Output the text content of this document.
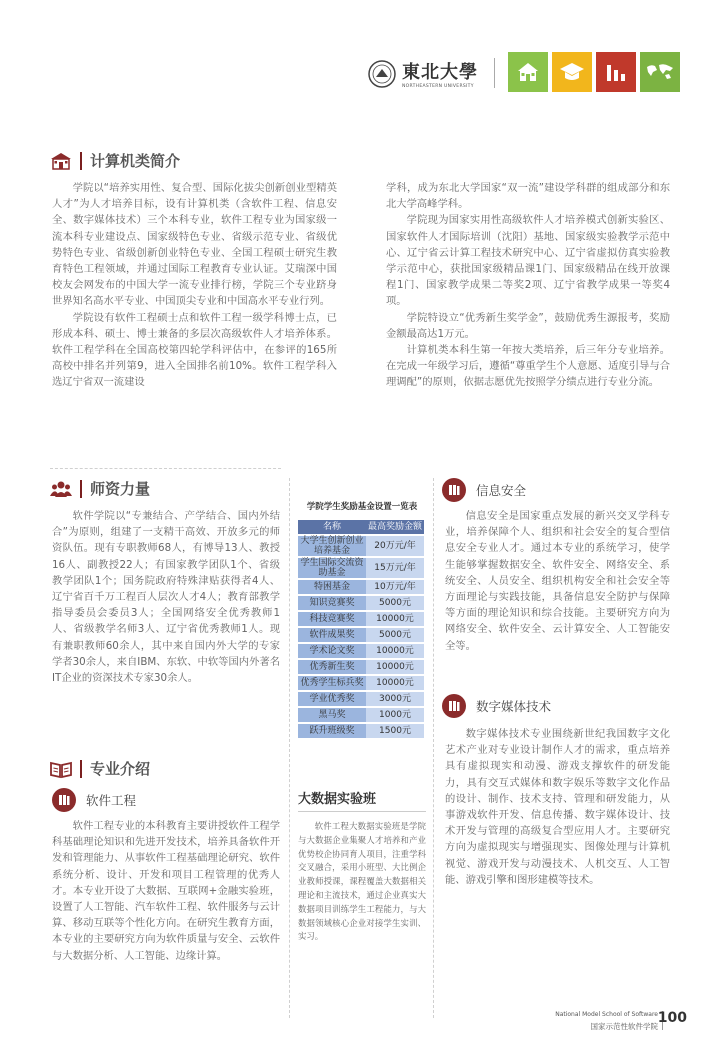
東北大學
NORTHEASTERN UNIVERSITY
计算机类简介

学院以“培养实用性、复合型、国际化拔尖创新创业型精英人才”为人才培养目标，设有计算机类（含软件工程、信息安全、数字媒体技术）三个本科专业，软件工程专业为国家级一流本科专业建设点、国家级特色专业、省级示范专业、省级优势特色专业、省级创新创业特色专业、全国工程硕士研究生教育特色工程领域，并通过国际工程教育专业认证。艾瑞深中国校友会网发布的中国大学一流专业排行榜，学院三个专业跻身世界知名高水平专业、中国顶尖专业和中国高水平专业行列。

学院设有软件工程硕士点和软件工程一级学科博士点，已形成本科、硕士、博士兼备的多层次高级软件人才培养体系。软件工程学科在全国高校第四轮学科评估中，在参评的165所高校中排名并列第9，进入全国排名前10%。软件工程学科入选辽宁省双一流建设

学科，成为东北大学国家“双一流”建设学科群的组成部分和东北大学高峰学科。

学院现为国家实用性高级软件人才培养模式创新实验区、国家软件人才国际培训（沈阳）基地、国家级实验教学示范中心、辽宁省云计算工程技术研究中心、辽宁省虚拟仿真实验教学示范中心，获批国家级精品课1门、国家级精品在线开放课程1门、国家教学成果二等奖2项、辽宁省教学成果一等奖4项。

学院特设立“优秀新生奖学金”，鼓励优秀生源报考，奖励金额最高达1万元。

计算机类本科生第一年按大类培养，后三年分专业培养。在完成一年级学习后，遵循“尊重学生个人意愿、适度引导与合理调配”的原则，依据志愿优先按照学分绩点进行专业分流。

师资力量

软件学院以“专兼结合、产学结合、国内外结合”为原则，组建了一支精干高效、开放多元的师资队伍。现有专职教师68人，有博导13人、教授16人、副教授22人；有国家教学团队1个、省级教学团队1个；国务院政府特殊津贴获得者4人、辽宁省百千万工程百人层次人才4人；教育部教学指导委员会委员3人；全国网络安全优秀教师1人、省级教学名师3人、辽宁省优秀教师1人。现有兼职教师60余人，其中来自国内外大学的专家学者30余人，来自IBM、东软、中软等国内外著名IT企业的资深技术专家30余人。

学院学生奖励基金设置一览表
名称	最高奖励金额
大学生创新创业培养基金	20万元/年
学生国际交流资助基金	15万元/年
特困基金	10万元/年
知识竞赛奖	5000元
科技竞赛奖	10000元
软件成果奖	5000元
学术论文奖	10000元
优秀新生奖	10000元
优秀学生标兵奖	10000元
学业优秀奖	3000元
黑马奖	1000元
跃升班级奖	1500元
大数据实验班

软件工程大数据实验班是学院与大数据企业集聚人才培养和产业优势校企协同育人项目，注重学科交叉融合，采用小班型、大比例企业教师授课，课程覆盖大数据相关理论和主流技术，通过企业真实大数据项目训练学生工程能力，与大数据领域核心企业对接学生实训、实习。

专业介绍
软件工程

软件工程专业的本科教育主要讲授软件工程学科基础理论知识和先进开发技术，培养具备软件开发和管理能力、从事软件工程基础理论研究、软件系统分析、设计、开发和项目工程管理的优秀人才。本专业开设了大数据、互联网+金融实验班，设置了人工智能、汽车软件工程、软件服务与云计算、移动互联等个性化方向。在研究生教育方面，本专业的主要研究方向为软件质量与安全、云软件与大数据分析、人工智能、边缘计算。

信息安全

信息安全是国家重点发展的新兴交叉学科专业，培养保障个人、组织和社会安全的复合型信息安全专业人才。通过本专业的系统学习，使学生能够掌握数据安全、软件安全、网络安全、系统安全、人员安全、组织机构安全和社会安全等方面理论与实践技能，具备信息安全防护与保障等方面的理论知识和综合技能。主要研究方向为网络安全、软件安全、云计算安全、人工智能安全等。

数字媒体技术

数字媒体技术专业围绕新世纪我国数字文化艺术产业对专业设计制作人才的需求，重点培养具有虚拟现实和动漫、游戏支撑软件的研发能力，具有交互式媒体和数字娱乐等数字文化作品的设计、制作、技术支持、管理和研发能力，从事游戏软件开发、信息传播、数字媒体设计、技术开发与管理的高级复合型应用人才。主要研究方向为虚拟现实与增强现实、图像处理与计算机视觉、游戏开发与动漫技术、人机交互、人工智能、游戏引擎和图形建模等技术。

National Model School of Software
国家示范性软件学院
100
